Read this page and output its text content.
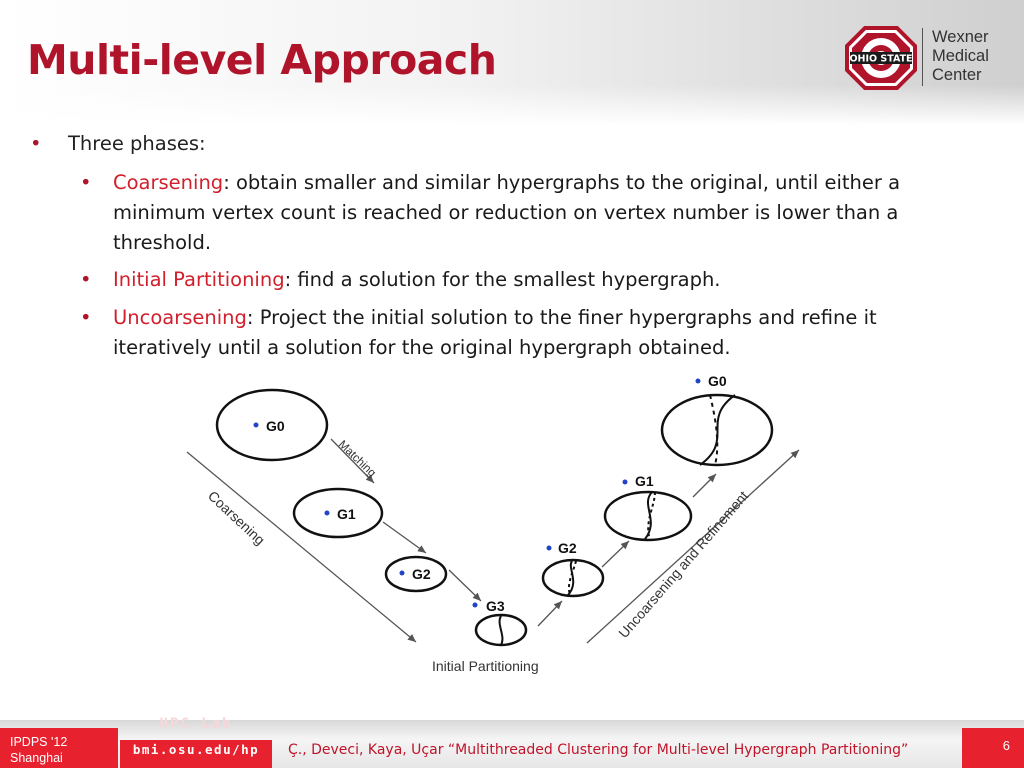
Multi-level Approach	OHIO STATE
Wexner
Medical
Center
• Three phases:
• Coarsening: obtain smaller and similar hypergraphs to the original, until either a minimum vertex count is reached or reduction on vertex number is lower than a threshold.
• Initial Partitioning: find a solution for the smallest hypergraph.
• Uncoarsening: Project the initial solution to the finer hypergraphs and refine it iteratively until a solution for the original hypergraph obtained.
G0
G1
G2
G3
G2
G1
G0
Matching
Coarsening
Initial Partitioning
Uncoarsening and Refinement
IPDPS '12
Shanghai
HPC Lab
bmi.osu.edu/hp	Ç., Deveci, Kaya, Uçar “Multithreaded Clustering for Multi-level Hypergraph Partitioning”	6
